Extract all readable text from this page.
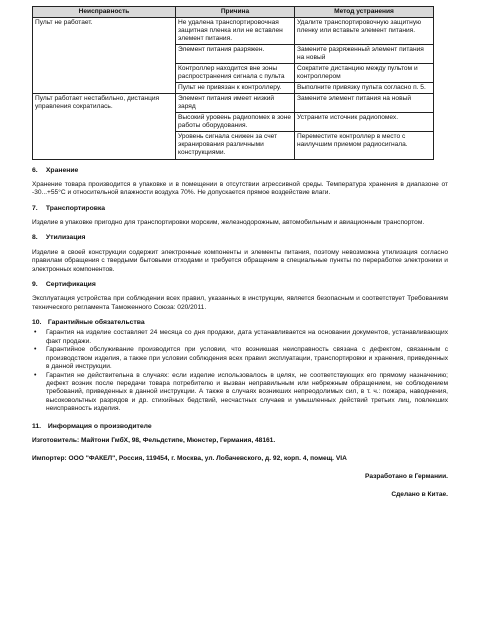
Неисправность	Причина	Метод устранения
Пульт не работает.	Не удалена транспортировочная защитная пленка или не вставлен элемент питания.	Удалите транспортировочную защитную пленку или вставьте элемент питания.
	Элемент питания разряжен.	Замените разряженный элемент питания на новый
	Контроллер находится вне зоны распространения сигнала с пульта	Сократите дистанцию между пультом и контроллером
	Пульт не привязан к контроллеру.	Выполните привязку пульта согласно п. 5.
Пульт работает нестабильно, дистанция управления сократилась.	Элемент питания имеет низкий заряд	Замените элемент питания на новый
	Высокий уровень радиопомех в зоне работы оборудования.	Устраните источник радиопомех.
	Уровень сигнала снижен за счет экранирования различными конструкциями.	Переместите контроллер в место с наилучшим приемом радиосигнала.
6. Хранение

Хранение товара производится в упаковке и в помещении в отсутствии агрессивной среды. Температура хранения в диапазоне от -30...+55°C и относительной влажности воздуха 70%. Не допускается прямое воздействие влаги.

7. Транспортировка

Изделие в упаковке пригодно для транспортировки морским, железнодорожным, автомобильным и авиационным транспортом.

8. Утилизация

Изделие в своей конструкции содержит электронные компоненты и элементы питания, поэтому невозможна утилизация согласно правилам обращения с твердыми бытовыми отходами и требуется обращение в специальные пункты по переработке электроники и электронных компонентов.

9. Сертификация

Эксплуатация устройства при соблюдении всех правил, указанных в инструкции, является безопасным и соответствует Требованиям технического регламента Таможенного Союза: 020/2011.

10. Гарантийные обязательства
• Гарантия на изделие составляет 24 месяца со дня продажи, дата устанавливается на основании документов, устанавливающих факт продажи.
• Гарантийное обслуживание производится при условии, что возникшая неисправность связана с дефектом, связанным с производством изделия, а также при условии соблюдения всех правил эксплуатации, транспортировки и хранения, приведенных в данной инструкции.
• Гарантия не действительна в случаях: если изделие использовалось в целях, не соответствующих его прямому назначению; дефект возник после передачи товара потребителю и вызван неправильным или небрежным обращением, не соблюдением требований, приведенных в данной инструкции. А также в случаях возникших непреодолимых сил, в т. ч.: пожара, наводнения, высоковольтных разрядов и др. стихийных бедствий, несчастных случаев и умышленных действий третьих лиц, повлекших неисправность изделия.
11. Информация о производителе

Изготовитель: Майтони ГмбХ, 98, Фельдстипе, Мюнстер, Германия, 48161.

Импортер: ООО "ФАКЕЛ", Россия, 119454, г. Москва, ул. Лобачевского, д. 92, корп. 4, помещ. VIA

Разработано в Германии.

Сделано в Китае.
